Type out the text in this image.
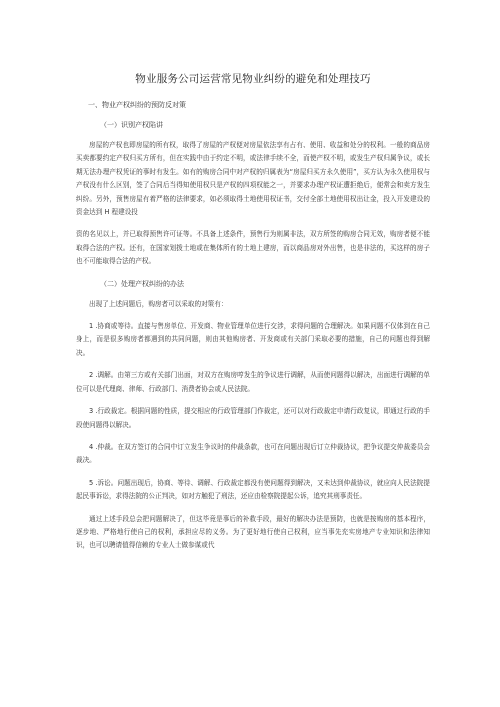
物业服务公司运营常见物业纠纷的避免和处理技巧
一、物业产权纠纷的预防反对策
（一）识别产权陷讲

房屋的产权也即房屋的所有权，取得了房屋的产权便对房屋依法享有占有、使用、收益和处分的权利。一般的商品房买卖都要约定产权归买方所有，但在实践中由于约定不明，或法律手续不全，而使产权不明，或发生产权归属争议，或长期无法办理产权凭证的事时有发生。如有的购房合同中对产权的归属表为“房屋归买方永久使用”，买方认为永久使用权与产权没有什么区别，签了合同后当得知使用权只是产权的四项权能之一，并要求办理产权证遭拒绝后，便常会和卖方发生纠纷。另外，预售房屋有着严格的法律要求，如必须取得土地使用权证书，交付全部土地使用权出让金，投入开发建设的资金达到 H 程建设投

资的名见以上，并已取得预售许可证等。不具备上述条件，预售行为则属非法，双方所签的购房合同无效，购房者便不能取得合法的产权。还有，在国家划拨土地或在集体所有的土地上建房，而以商品房对外出售，也是非法的，买这样的房子也不可能取得合法的产权。

（二）处理产权纠纷的办法

出现了上述问题后，购房者可以采取的对策有：

1 .协商或等待。直接与售房单位、开发商、物业管理单位进行交涉，求得问题的合理解决。如果问题不仅体到在自己身上，而是很多购房者都遇到的共同问题，则由其他购房者、开发商或有关部门采取必要的措施，自己的问题也得到解决。

2 .调解。由第三方或有关部门出面，对双方在购房哼发生的争议进行调解，从而使问题得以解决，出面进行调解的单位可以是代理商、律师、行政部门、消费者协会或人民法院。

3 .行政裁定。根据问题的性质，提交相应的行政管理部门作裁定，还可以对行政裁定申请行政复议，即通过行政的手段使问题得以解决。

4 .仲裁。在双方签订的合同中订立发生争议时的仲裁条款，也可在问题出现后订立仲裁协议，把争议提交仲裁委员会裁决。

5 .诉讼。问题出现后，协商、等待、调解、行政裁定都没有使问题得到解决，又未达到仲裁协议，就应向人民法院提起民事诉讼，求得法院的公正判决，如对方触犯了刑法，还应由检察院提起公诉，追究其刑事责任。

通过上述手段总会把问题解决了，但这毕竟是事后的补救手段，最好的解决办法是预防，也就是按购房的基本程序，逐步地、严格地行使自己的权利，承担应尽的义务。为了更好地行使自己权利，应当事先充实房地产专业知识和法律知识，也可以聘请值得信赖的专业人士做参谋或代
